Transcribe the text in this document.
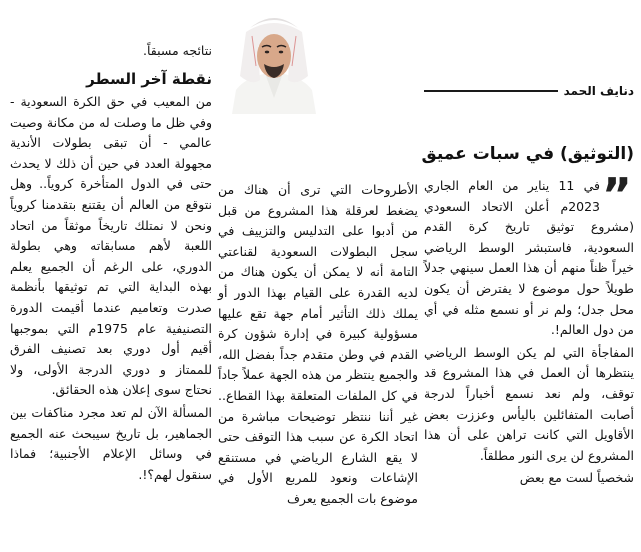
نتائجه مسبقاً.

نقطة آخر السطر

من المعيب في حق الكرة السعودية - وفي ظل ما وصلت له من مكانة وصيت عالمي - أن تبقى بطولات الأندية مجهولة العدد في حين أن ذلك لا يحدث حتى في الدول المتأخرة كروياً.. وهل نتوقع من العالم أن يقتنع بتقدمنا كروياً ونحن لا نمتلك تاريخاً موثقاً من اتحاد اللعبة لأهم مسابقاته وهي بطولة الدوري، على الرغم أن الجميع يعلم بهذه البداية التي تم توثيقها بأنظمة صدرت وتعاميم عندما أقيمت الدورة التصنيفية عام 1975م التي بموجبها أقيم أول دوري بعد تصنيف الفرق للممتاز و دوري الدرجة الأولى، ولا نحتاج سوى إعلان هذه الحقائق.

المسألة الآن لم تعد مجرد مناكفات بين الجماهير، بل تاريخ سيبحث عنه الجميع في وسائل الإعلام الأجنبية؛ فماذا سنقول لهم؟!.

الأطروحات التي ترى أن هناك من يضغط لعرقلة هذا المشروع من قبل من أدبوا على التدليس والتزييف في سجل البطولات السعودية لقناعتي التامة أنه لا يمكن أن يكون هناك من لديه القدرة على القيام بهذا الدور أو يملك ذلك التأثير أمام جهة تقع عليها مسؤولية كبيرة في إدارة شؤون كرة القدم في وطن متقدم جداً بفضل الله، والجميع ينتظر من هذه الجهة عملاً جاداً في كل الملفات المتعلقة بهذا القطاع.. غير أننا ننتظر توضيحات مباشرة من اتحاد الكرة عن سبب هذا التوقف حتى لا يقع الشارع الرياضي في مستنقع الإشاعات ونعود للمربع الأول في موضوع بات الجميع يعرف

دنايف الحمد
(التوثيق) في سبات عميق
”

في 11 يناير من العام الجاري 2023م أعلن الاتحاد السعودي (مشروع توثيق تاريخ كرة القدم السعودية، فاستبشر الوسط الرياضي خيراً ظناً منهم أن هذا العمل سينهي جدلاً طويلاً حول موضوع لا يفترض أن يكون محل جدل؛ ولم نر أو نسمع مثله في أي من دول العالم!.

المفاجأة التي لم يكن الوسط الرياضي ينتظرها أن العمل في هذا المشروع قد توقف، ولم نعد نسمع أخباراً لدرجة أصابت المتفائلين باليأس وعززت بعض الأقاويل التي كانت تراهن على أن هذا المشروع لن يرى النور مطلقاً.

شخصياً لست مع بعض
